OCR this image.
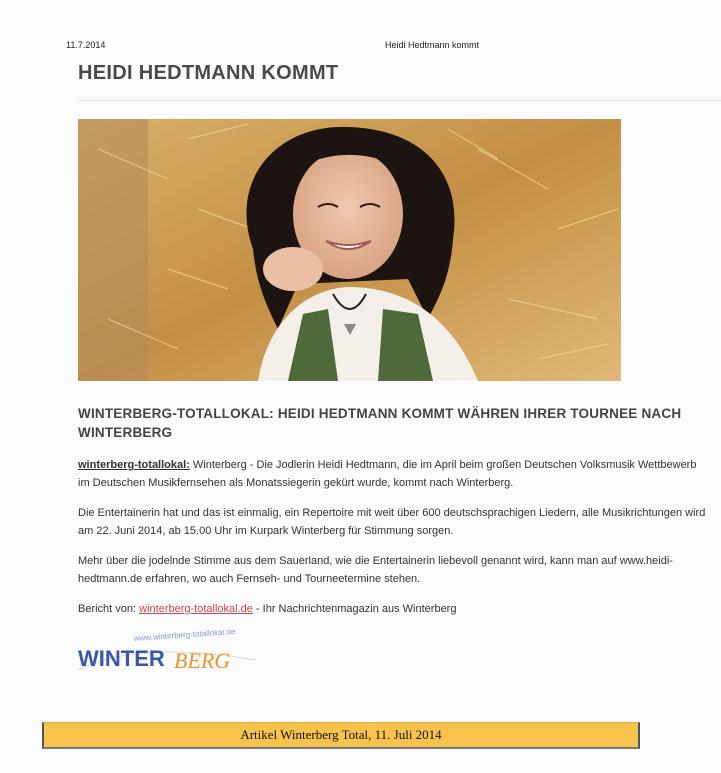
11.7.2014	Heidi Hedtmann kommt
HEIDI HEDTMANN KOMMT
WINTERBERG-TOTALLOKAL: HEIDI HEDTMANN KOMMT WÄHREN IHRER TOURNEE NACH WINTERBERG
winterberg-totallokal: Winterberg - Die Jodlerin Heidi Hedtmann, die im April beim großen Deutschen Volksmusik Wettbewerb im Deutschen Musikfernsehen als Monatssiegerin gekürt wurde, kommt nach Winterberg.
Die Entertainerin hat und das ist einmalig, ein Repertoire mit weit über 600 deutschsprachigen Liedern, alle Musikrichtungen wird am 22. Juni 2014, ab 15.00 Uhr im Kurpark Winterberg für Stimmung sorgen.
Mehr über die jodelnde Stimme aus dem Sauerland, wie die Entertainerin liebevoll genannt wird, kann man auf www.heidi-hedtmann.de erfahren, wo auch Fernseh- und Tourneetermine stehen.
Bericht von: winterberg-totallokal.de - Ihr Nachrichtenmagazin aus Winterberg
www.winterberg-totallokal.de
WINTER BERG
Artikel Winterberg Total, 11. Juli 2014
